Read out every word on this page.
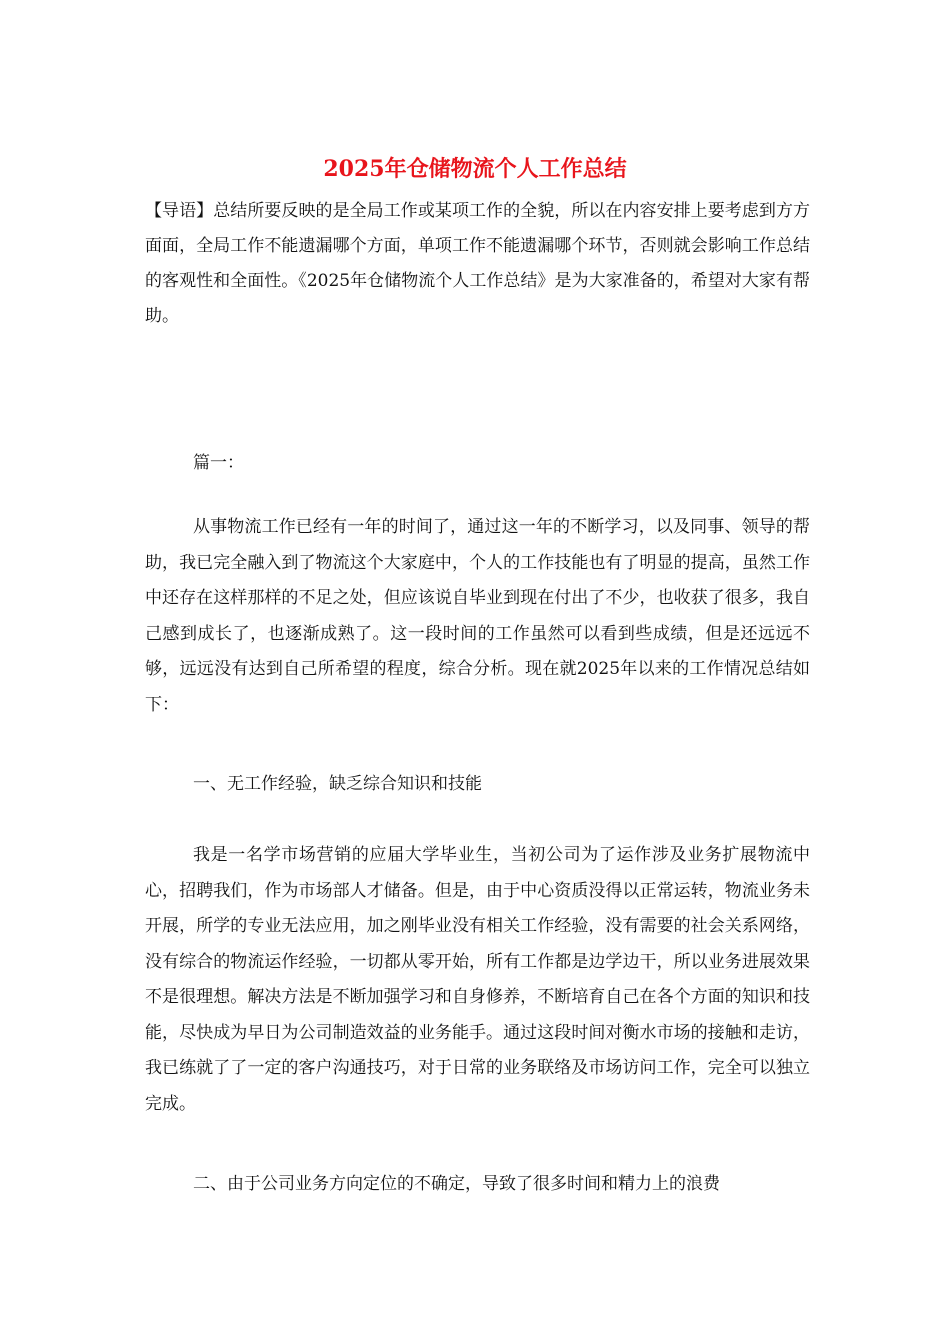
2025年仓储物流个人工作总结

【导语】总结所要反映的是全局工作或某项工作的全貌，所以在内容安排上要考虑到方方面面，全局工作不能遗漏哪个方面，单项工作不能遗漏哪个环节，否则就会影响工作总结的客观性和全面性。《2025年仓储物流个人工作总结》是为大家准备的，希望对大家有帮助。

篇一：

从事物流工作已经有一年的时间了，通过这一年的不断学习，以及同事、领导的帮助，我已完全融入到了物流这个大家庭中，个人的工作技能也有了明显的提高，虽然工作中还存在这样那样的不足之处，但应该说自毕业到现在付出了不少，也收获了很多，我自己感到成长了，也逐渐成熟了。这一段时间的工作虽然可以看到些成绩，但是还远远不够，远远没有达到自己所希望的程度，综合分析。现在就2025年以来的工作情况总结如下：

一、无工作经验，缺乏综合知识和技能

我是一名学市场营销的应届大学毕业生，当初公司为了运作涉及业务扩展物流中心，招聘我们，作为市场部人才储备。但是，由于中心资质没得以正常运转，物流业务未开展，所学的专业无法应用，加之刚毕业没有相关工作经验，没有需要的社会关系网络，没有综合的物流运作经验，一切都从零开始，所有工作都是边学边干，所以业务进展效果不是很理想。解决方法是不断加强学习和自身修养，不断培育自己在各个方面的知识和技能，尽快成为早日为公司制造效益的业务能手。通过这段时间对衡水市场的接触和走访，我已练就了了一定的客户沟通技巧，对于日常的业务联络及市场访问工作，完全可以独立完成。

二、由于公司业务方向定位的不确定，导致了很多时间和精力上的浪费
